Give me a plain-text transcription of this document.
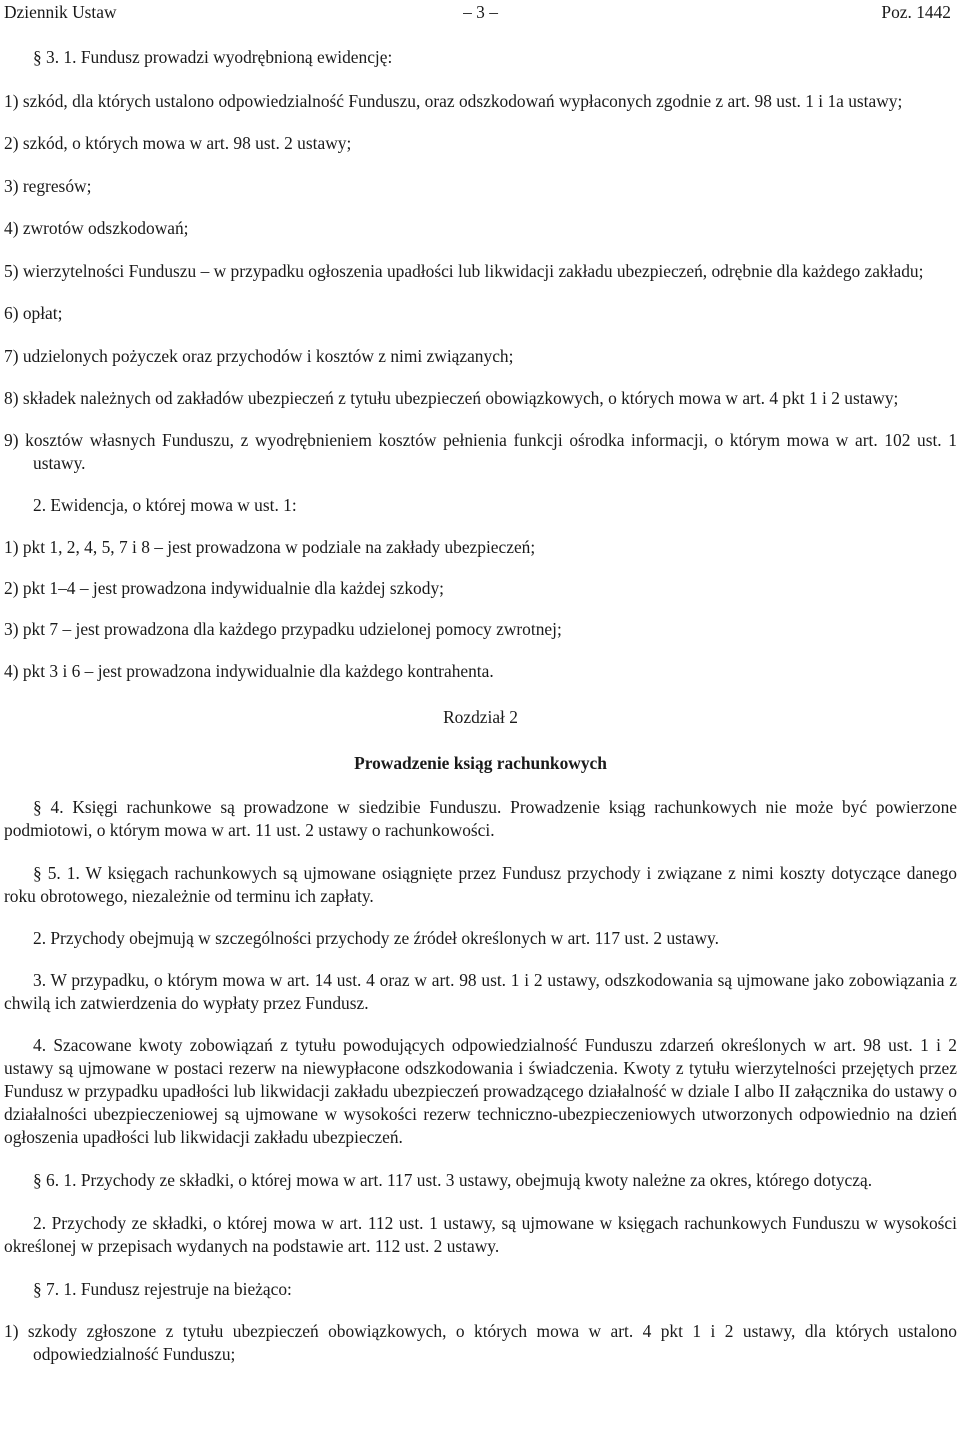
Dziennik Ustaw	– 3 –	Poz. 1442

§ 3. 1. Fundusz prowadzi wyodrębnioną ewidencję:

1) szkód, dla których ustalono odpowiedzialność Funduszu, oraz odszkodowań wypłaconych zgodnie z art. 98 ust. 1 i 1a ustawy;

2) szkód, o których mowa w art. 98 ust. 2 ustawy;

3) regresów;

4) zwrotów odszkodowań;

5) wierzytelności Funduszu – w przypadku ogłoszenia upadłości lub likwidacji zakładu ubezpieczeń, odrębnie dla każdego zakładu;

6) opłat;

7) udzielonych pożyczek oraz przychodów i kosztów z nimi związanych;

8) składek należnych od zakładów ubezpieczeń z tytułu ubezpieczeń obowiązkowych, o których mowa w art. 4 pkt 1 i 2 ustawy;

9) kosztów własnych Funduszu, z wyodrębnieniem kosztów pełnienia funkcji ośrodka informacji, o którym mowa w art. 102 ust. 1 ustawy.

2. Ewidencja, o której mowa w ust. 1:

1) pkt 1, 2, 4, 5, 7 i 8 – jest prowadzona w podziale na zakłady ubezpieczeń;

2) pkt 1–4 – jest prowadzona indywidualnie dla każdej szkody;

3) pkt 7 – jest prowadzona dla każdego przypadku udzielonej pomocy zwrotnej;

4) pkt 3 i 6 – jest prowadzona indywidualnie dla każdego kontrahenta.

Rozdział 2

Prowadzenie ksiąg rachunkowych

§ 4. Księgi rachunkowe są prowadzone w siedzibie Funduszu. Prowadzenie ksiąg rachunkowych nie może być powierzone podmiotowi, o którym mowa w art. 11 ust. 2 ustawy o rachunkowości.

§ 5. 1. W księgach rachunkowych są ujmowane osiągnięte przez Fundusz przychody i związane z nimi koszty dotyczące danego roku obrotowego, niezależnie od terminu ich zapłaty.

2. Przychody obejmują w szczególności przychody ze źródeł określonych w art. 117 ust. 2 ustawy.

3. W przypadku, o którym mowa w art. 14 ust. 4 oraz w art. 98 ust. 1 i 2 ustawy, odszkodowania są ujmowane jako zobowiązania z chwilą ich zatwierdzenia do wypłaty przez Fundusz.

4. Szacowane kwoty zobowiązań z tytułu powodujących odpowiedzialność Funduszu zdarzeń określonych w art. 98 ust. 1 i 2 ustawy są ujmowane w postaci rezerw na niewypłacone odszkodowania i świadczenia. Kwoty z tytułu wierzytelności przejętych przez Fundusz w przypadku upadłości lub likwidacji zakładu ubezpieczeń prowadzącego działalność w dziale I albo II załącznika do ustawy o działalności ubezpieczeniowej są ujmowane w wysokości rezerw techniczno-ubezpieczeniowych utworzonych odpowiednio na dzień ogłoszenia upadłości lub likwidacji zakładu ubezpieczeń.

§ 6. 1. Przychody ze składki, o której mowa w art. 117 ust. 3 ustawy, obejmują kwoty należne za okres, którego dotyczą.

2. Przychody ze składki, o której mowa w art. 112 ust. 1 ustawy, są ujmowane w księgach rachunkowych Funduszu w wysokości określonej w przepisach wydanych na podstawie art. 112 ust. 2 ustawy.

§ 7. 1. Fundusz rejestruje na bieżąco:

1) szkody zgłoszone z tytułu ubezpieczeń obowiązkowych, o których mowa w art. 4 pkt 1 i 2 ustawy, dla których ustalono odpowiedzialność Funduszu;
